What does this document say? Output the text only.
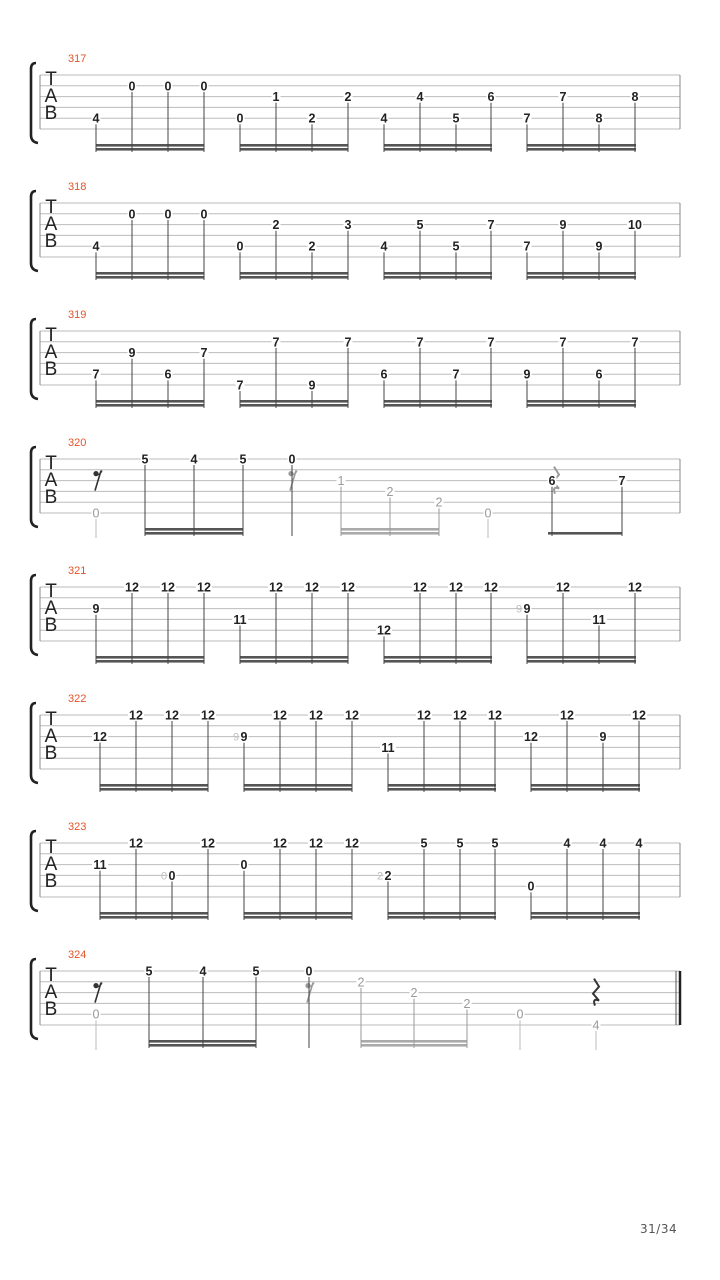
T
A
B
317
4
0 0 0
0
1
2
2
4
4
5
6
7
7
8
8
T
A
B
318
4
0 0 0
0
2
2
3
4
5
5
7
7
9
9
10
T
A
B
319
7
9
6
7
7
7
9
7
6
7
7
7
9
7
6
7
T
A
B
320
0
5	4	5	0
1
2
2
0
6	7
T
A
B
321
9
12 12 12
11
12 12 12
12
12 12 12
9
9
12
11
12
T
A
B
322
12
12 12 12
9
9
12 12 12
11
12 12 12
12
12
9
12
T
A
B
323
11
12
0
0
12
0
12 12 12
2
2
5 5 5
0
4 4 4
T
A
B
324
0
5	4	5	0
2
2
2
0
4
31/34
